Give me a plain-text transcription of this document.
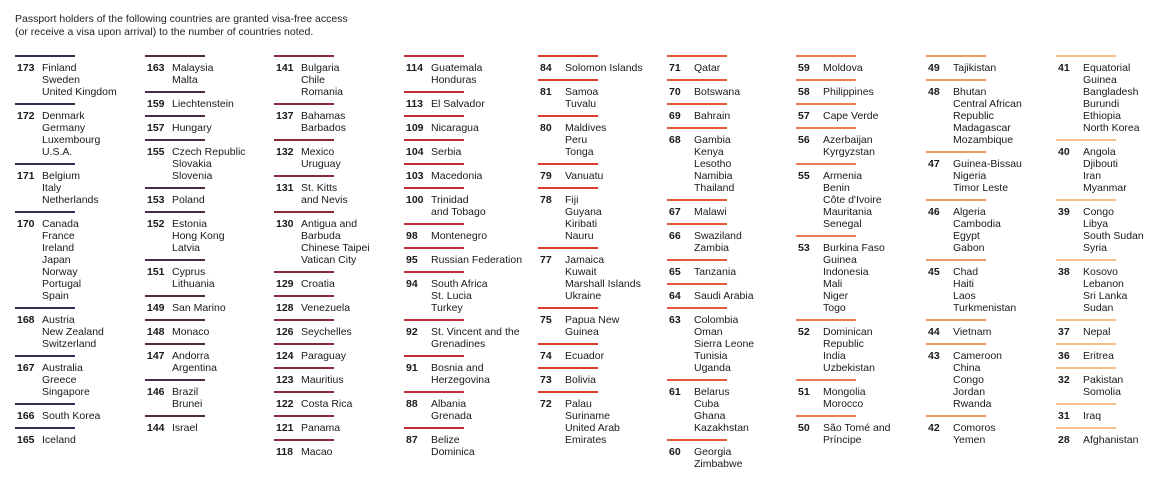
Passport holders of the following countries are granted visa-free access
(or receive a visa upon arrival) to the number of countries noted.
173 Finland
Sweden
United Kingdom
172 Denmark
Germany
Luxembourg
U.S.A.
171 Belgium
Italy
Netherlands
170 Canada
France
Ireland
Japan
Norway
Portugal
Spain
168 Austria
New Zealand
Switzerland
167 Australia
Greece
Singapore
166 South Korea
165 Iceland
163 Malaysia
Malta
159 Liechtenstein
157 Hungary
155 Czech Republic
Slovakia
Slovenia
153 Poland
152 Estonia
Hong Kong
Latvia
151 Cyprus
Lithuania
149 San Marino
148 Monaco
147 Andorra
Argentina
146 Brazil
Brunei
144 Israel
141 Bulgaria
Chile
Romania
137 Bahamas
Barbados
132 Mexico
Uruguay
131 St. Kitts
and Nevis
130 Antigua and
Barbuda
Chinese Taipei
Vatican City
129 Croatia
128 Venezuela
126 Seychelles
124 Paraguay
123 Mauritius
122 Costa Rica
121 Panama
118 Macao
114 Guatemala
Honduras
113 El Salvador
109 Nicaragua
104 Serbia
103 Macedonia
100 Trinidad
and Tobago
98	Montenegro
95	Russian Federation
94	South Africa
St. Lucia
Turkey
92	St. Vincent and the
Grenadines
91	Bosnia and
Herzegovina
88	Albania
Grenada
87	Belize
Dominica
84	Solomon Islands
81	Samoa
Tuvalu
80	Maldives
Peru
Tonga
79	Vanuatu
78	Fiji
Guyana
Kiribati
Nauru
77	Jamaica
Kuwait
Marshall Islands
Ukraine
75	Papua New
Guinea
74	Ecuador
73	Bolivia
72	Palau
Suriname
United Arab
Emirates
71	Qatar
70	Botswana
69	Bahrain
68	Gambia
Kenya
Lesotho
Namibia
Thailand
67	Malawi
66	Swaziland
Zambia
65	Tanzania
64	Saudi Arabia
63	Colombia
Oman
Sierra Leone
Tunisia
Uganda
61	Belarus
Cuba
Ghana
Kazakhstan
60	Georgia
Zimbabwe
59	Moldova
58	Philippines
57	Cape Verde
56	Azerbaijan
Kyrgyzstan
55	Armenia
Benin
Côte d'Ivoire
Mauritania
Senegal
53	Burkina Faso
Guinea
Indonesia
Mali
Niger
Togo
52	Dominican
Republic
India
Uzbekistan
51	Mongolia
Morocco
50	São Tomé and
Príncipe
49	Tajikistan
48	Bhutan
Central African
Republic
Madagascar
Mozambique
47	Guinea-Bissau
Nigeria
Timor Leste
46	Algeria
Cambodia
Egypt
Gabon
45	Chad
Haiti
Laos
Turkmenistan
44	Vietnam
43	Cameroon
China
Congo
Jordan
Rwanda
42	Comoros
Yemen
41	Equatorial
Guinea
Bangladesh
Burundi
Ethiopia
North Korea
40	Angola
Djibouti
Iran
Myanmar
39	Congo
Libya
South Sudan
Syria
38	Kosovo
Lebanon
Sri Lanka
Sudan
37	Nepal
36	Eritrea
32	Pakistan
Somolia
31	Iraq
28	Afghanistan
